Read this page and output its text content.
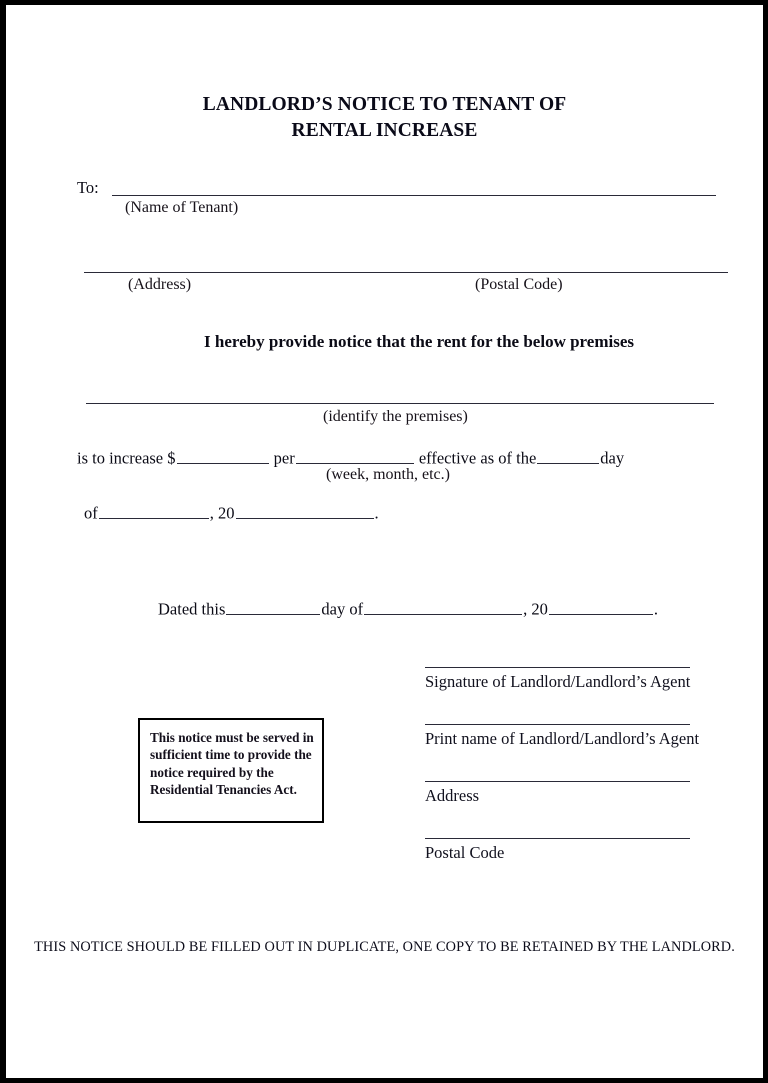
LANDLORD’S NOTICE TO TENANT OF
RENTAL INCREASE
To:
(Name of Tenant)
(Address)	(Postal Code)
I hereby provide notice that the rent for the below premises
(identify the premises)
is to increase $	per	effective as of the	day
(week, month, etc.)
of	, 20	.
Dated this	day of	, 20	.
Signature of Landlord/Landlord’s Agent
Print name of Landlord/Landlord’s Agent
Address
Postal Code

This notice must be served in

sufficient time to provide the

notice required by the

Residential Tenancies Act.

THIS NOTICE SHOULD BE FILLED OUT IN DUPLICATE, ONE COPY TO BE RETAINED BY THE LANDLORD.
